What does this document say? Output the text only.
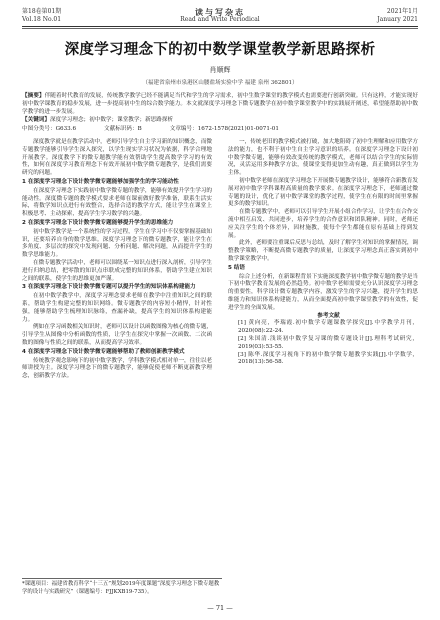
第18卷第01期
Vol.18 No.01
读与写杂志
Read and Write Periodical
2021年1月
January 2021
深度学习理念下的初中数学课堂教学新思路探析
肖顺辉
（福建省泉州市泉港区山腰盐场实验中学 福建 泉州 362801）
【摘要】伴随着时代教育的发展，传统教学教学已经不能满足当代和学生的学习需求，初中生数学课堂的教学模式也需要进行创新突破。只有这样，才能实现好初中数学课教育的稳步发展，进一步提高初中生的综合数学能力。本文就深度学习理念下微专题教学在初中数学课堂教学中的实践展开阐述，希望能帮助初中数学教学的进一步发展。
【关键词】深度学习理念；初中数学；课堂教学；新思路探析
中图分类号：G633.6	文献标识码：B	文章编号：1672-1578(2021)01-0071-01

深度教学就是在教学活动中，老师引导学生自主学习新的知识概念，而微专题教学能够引导学生深入探究，以学生现实学习状况为依据，科学合理地开展教学。深度教学下的微专题教学能有效帮助学生提高数学学习的有效性，如何在深度学习教育理念下有效开展初中数学微专题教学，是我们需要研究的问题。

1 在深度学习理念下设计数学微专题能够加强学生的学习能动性

在深度学习理念下实践初中数学微专题的教学，能够有效提升学生学习的能动性。深度微专题的教学模式要求老师在课前做好教学准备，联系生活实际，将数学知识点进行有效整合，选择合适的教学方式，能让学生在课堂上积极思考、主动探索，提高学生学习数学的兴趣。

2 在深度学习理念下设计数学微专题能够提升学生的思维能力

初中数学教学是一个系统性的学习过程，学生在学习中不仅要掌握基础知识，还要培养自身的数学思维。深度学习理念下的微专题教学，能让学生在多角度、多层次的探究中发现问题、分析问题、解决问题，从而提升学生的数学思维能力。

在微专题教学活动中，老师可以围绕某一知识点进行深入剖析，引导学生进行归纳总结，把零散的知识点串联成完整的知识体系，帮助学生建立知识之间的联系，使学生的思维更加严谨。

3 在深度学习理念下设计数学微专题可以提升学生的知识体系构建能力

在初中数学教学中，深度学习理念要求老师在教学中注重知识之间的联系，帮助学生构建完整的知识网络。微专题教学的内容短小精悍，针对性强，能够帮助学生梳理知识脉络，查漏补缺，提高学生的知识体系构建能力。

例如在学习函数相关知识时，老师可以设计以函数图像为核心的微专题，引导学生从图像中分析函数的性质，让学生在探究中掌握一次函数、二次函数的图像与性质之间的联系，从而提高学习效率。

4 在深度学习理念下设计数学微专题能够帮助了教师创新教学模式

传统教学观念影响下的初中数学教学，学科教学模式相对单一，往往以老师讲授为主。深度学习理念下的微专题教学，能够促使老师不断更新教学理念，创新教学方法。

一，传统老旧的教学模式被打破，加大地阻碍了初中生理解和应用数学方法的能力，也不利于初中生自主学习意识的培养。在深度学习理念下设计初中数学微专题，能够有效改变传统的教学模式，老师可以结合学生的实际情况，灵活运用多种教学方法，使课堂变得更加生动有趣，真正做到以学生为主体。

初中数学老师在深度学习理念下开展微专题教学设计，能够符合新教育发展对初中数学学科课程高质量的教学要求。在深度学习理念下，老师通过微专题的设计，优化了初中数学课堂的教学过程，使学生在有限的时间里掌握更多的数学知识。

在微专题教学中，老师可以引导学生开展小组合作学习，让学生在合作交流中相互启发、共同进步，培养学生的合作意识和团队精神。同时，老师还应关注学生的个体差异，因材施教，使每个学生都能在原有基础上得到发展。

此外，老师要注重课后反思与总结，及时了解学生对知识的掌握情况，调整教学策略，不断提高微专题教学的质量，让深度学习理念真正落实到初中数学课堂教学中。

5 结语

综合上述分析，在新课程背景下实施深度教学初中数学微专题的教学是当下初中数学教育发展的必然趋势。初中数学老师需要充分认识深度学习理念的重要性，科学设计微专题教学内容，激发学生的学习兴趣，提升学生的思维能力和知识体系构建能力，从而全面提高初中数学课堂教学的有效性，促进学生的全面发展。

参考文献

[1] 黄向亮，李瑞霞.初中数学专题课教学探究[J].中学教学月刊，2020(08):22-24.

[2] 朱国清.浅谈初中数学复习课的微专题设计[J].理科考试研究，2019(03):53-55.

[3] 陈华.深度学习视角下的初中数学微专题教学实践[J].中学数学，2018(13):56-58.

*课题项目：福建省教育科学“十三五”规划2019年度课题“深度学习理念下微专题教学的设计与实践研究”（课题编号：FJJKXB19-735）。
— 71 —
